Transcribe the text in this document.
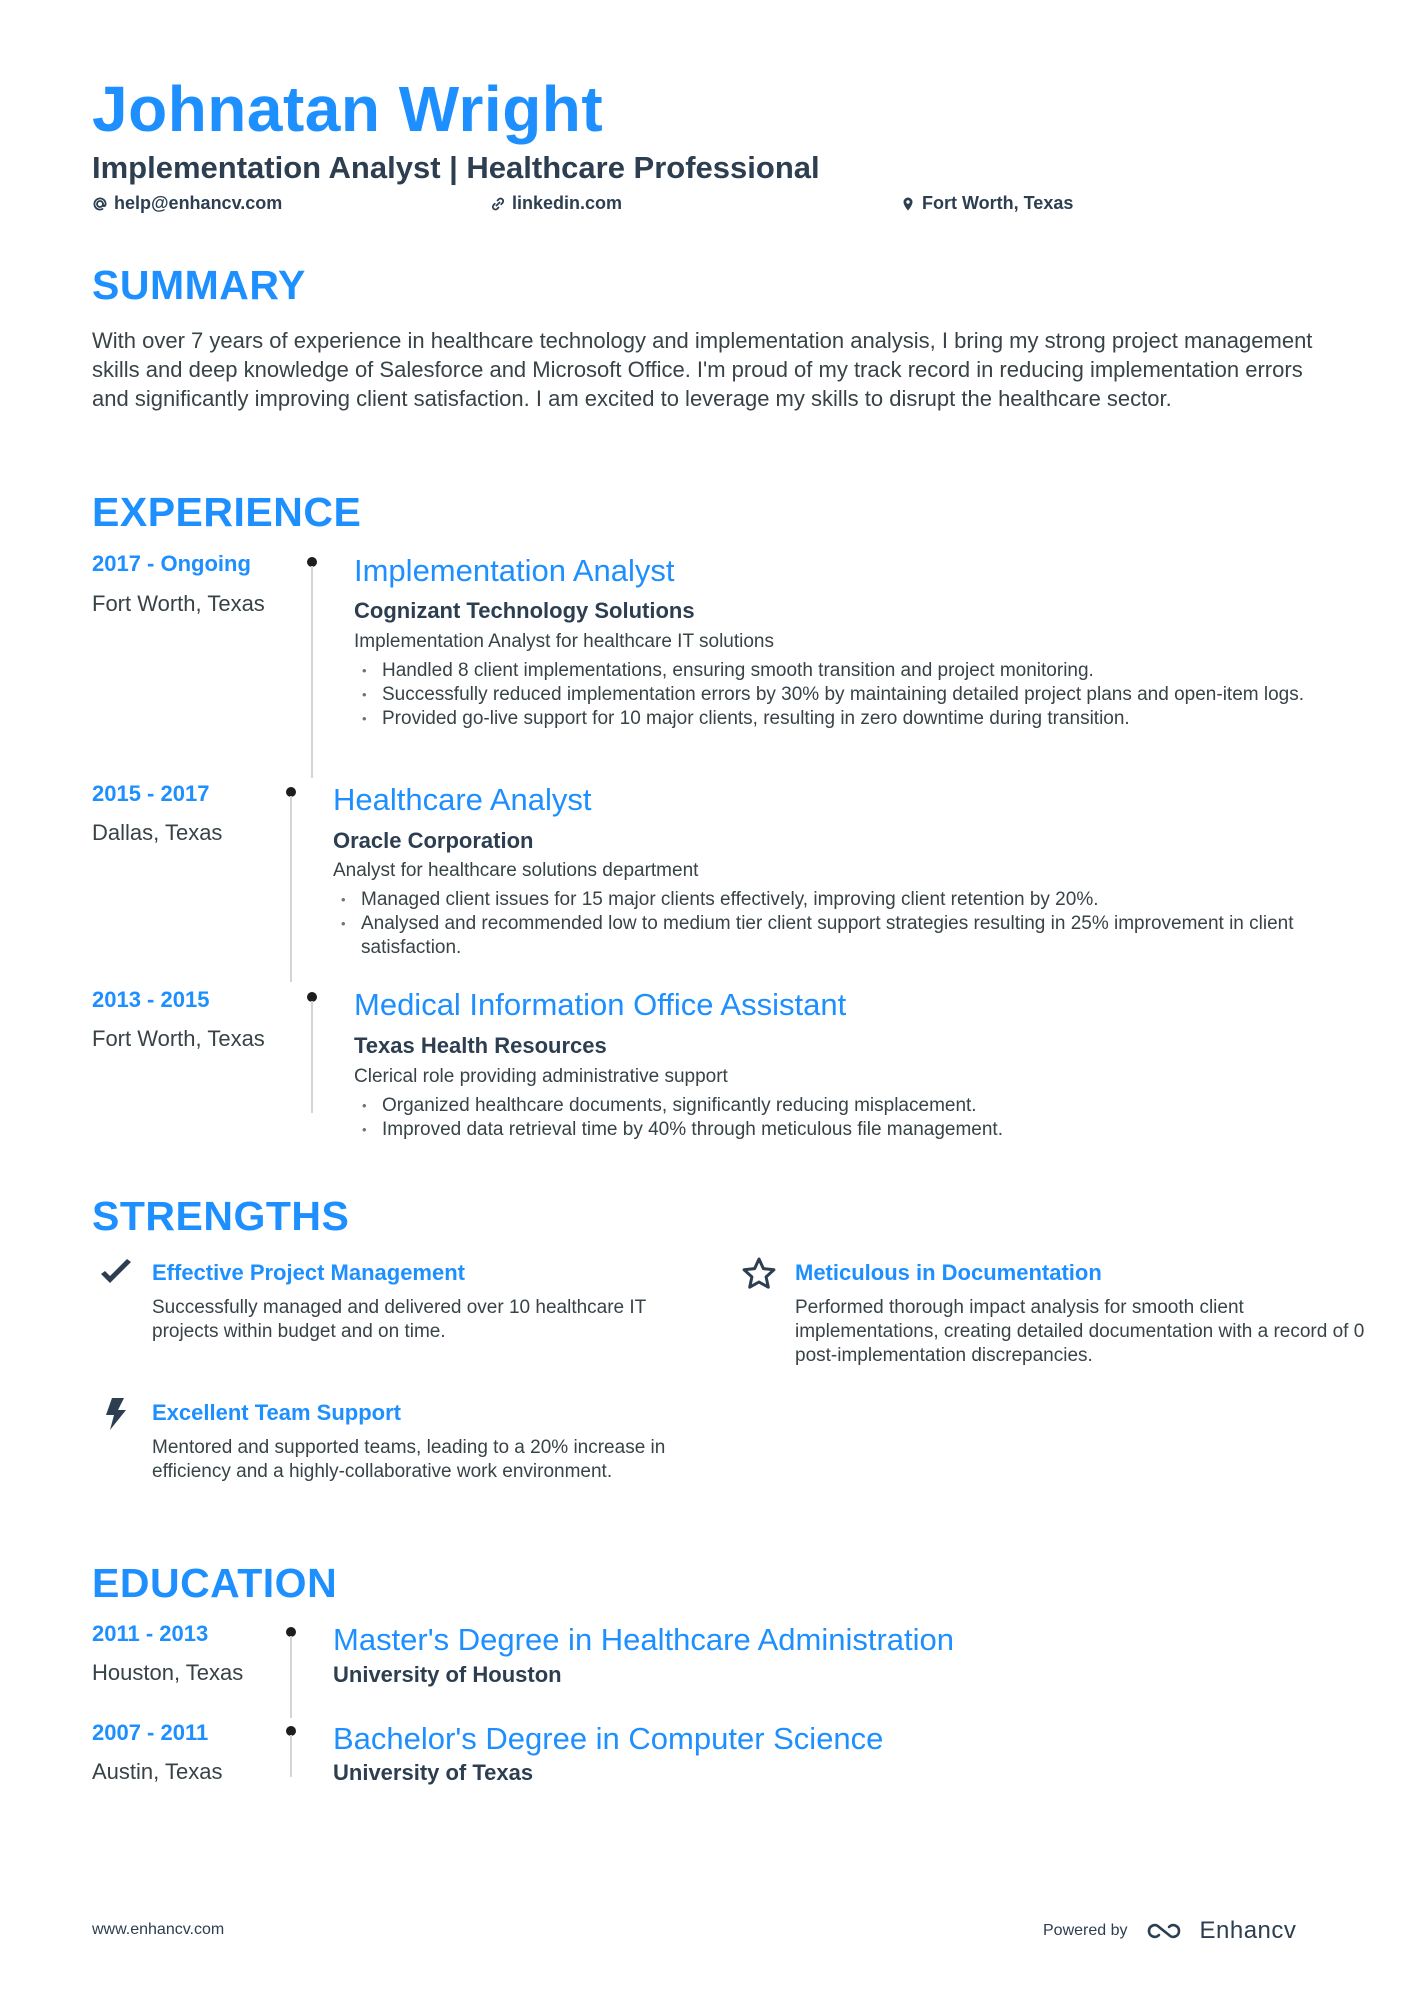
Johnatan Wright
Implementation Analyst | Healthcare Professional
help@enhancv.com	linkedin.com	Fort Worth, Texas
SUMMARY
With over 7 years of experience in healthcare technology and implementation analysis, I bring my strong project management skills and deep knowledge of Salesforce and Microsoft Office. I'm proud of my track record in reducing implementation errors and significantly improving client satisfaction. I am excited to leverage my skills to disrupt the healthcare sector.
EXPERIENCE
2017 - Ongoing
Fort Worth, Texas
Implementation Analyst
Cognizant Technology Solutions
Implementation Analyst for healthcare IT solutions
• Handled 8 client implementations, ensuring smooth transition and project monitoring.
• Successfully reduced implementation errors by 30% by maintaining detailed project plans and open-item logs.
• Provided go-live support for 10 major clients, resulting in zero downtime during transition.
2015 - 2017
Dallas, Texas
Healthcare Analyst
Oracle Corporation
Analyst for healthcare solutions department
• Managed client issues for 15 major clients effectively, improving client retention by 20%.
• Analysed and recommended low to medium tier client support strategies resulting in 25% improvement in client satisfaction.
2013 - 2015
Fort Worth, Texas
Medical Information Office Assistant
Texas Health Resources
Clerical role providing administrative support
• Organized healthcare documents, significantly reducing misplacement.
• Improved data retrieval time by 40% through meticulous file management.
STRENGTHS
Effective Project Management
Successfully managed and delivered over 10 healthcare IT projects within budget and on time.
Meticulous in Documentation
Performed thorough impact analysis for smooth client implementations, creating detailed documentation with a record of 0 post-implementation discrepancies.
Excellent Team Support
Mentored and supported teams, leading to a 20% increase in efficiency and a highly-collaborative work environment.
EDUCATION
2011 - 2013
Houston, Texas
Master's Degree in Healthcare Administration
University of Houston
2007 - 2011
Austin, Texas
Bachelor's Degree in Computer Science
University of Texas
www.enhancv.com	Powered by	Enhancv
